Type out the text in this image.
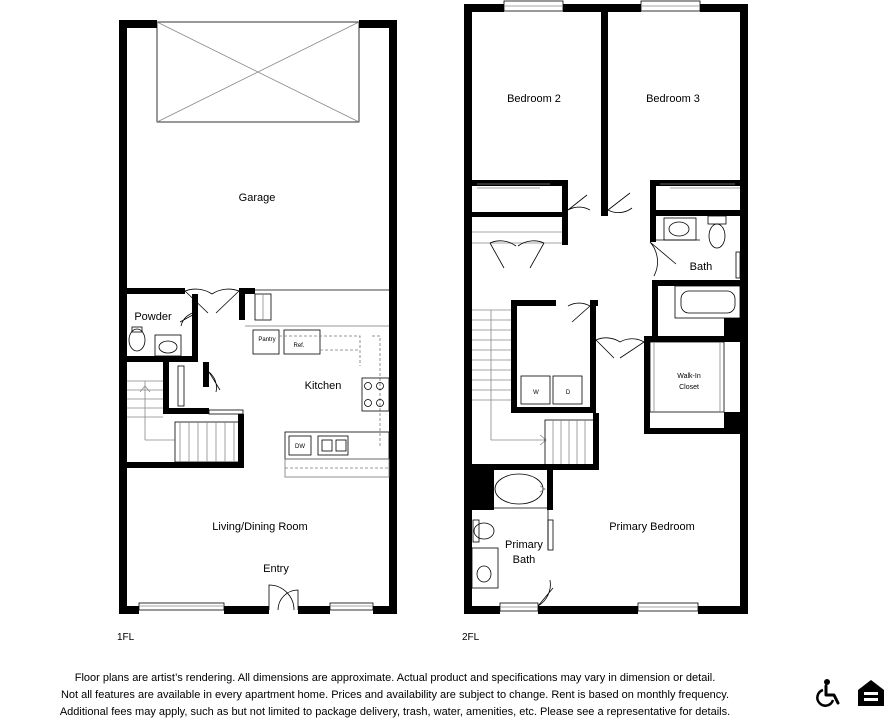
Garage
Powder
Pantry
Ref.
Kitchen
DW
Living/Dining Room
Entry
1FL
Bedroom 2	Bedroom 3
Bath
Walk-In
Closet
W	D
Primary Bedroom
Primary
Bath
2FL
Floor plans are artist’s rendering. All dimensions are approximate. Actual product and specifications may vary in dimension or detail.
Not all features are available in every apartment home. Prices and availability are subject to change. Rent is based on monthly frequency.
Additional fees may apply, such as but not limited to package delivery, trash, water, amenities, etc. Please see a representative for details.
